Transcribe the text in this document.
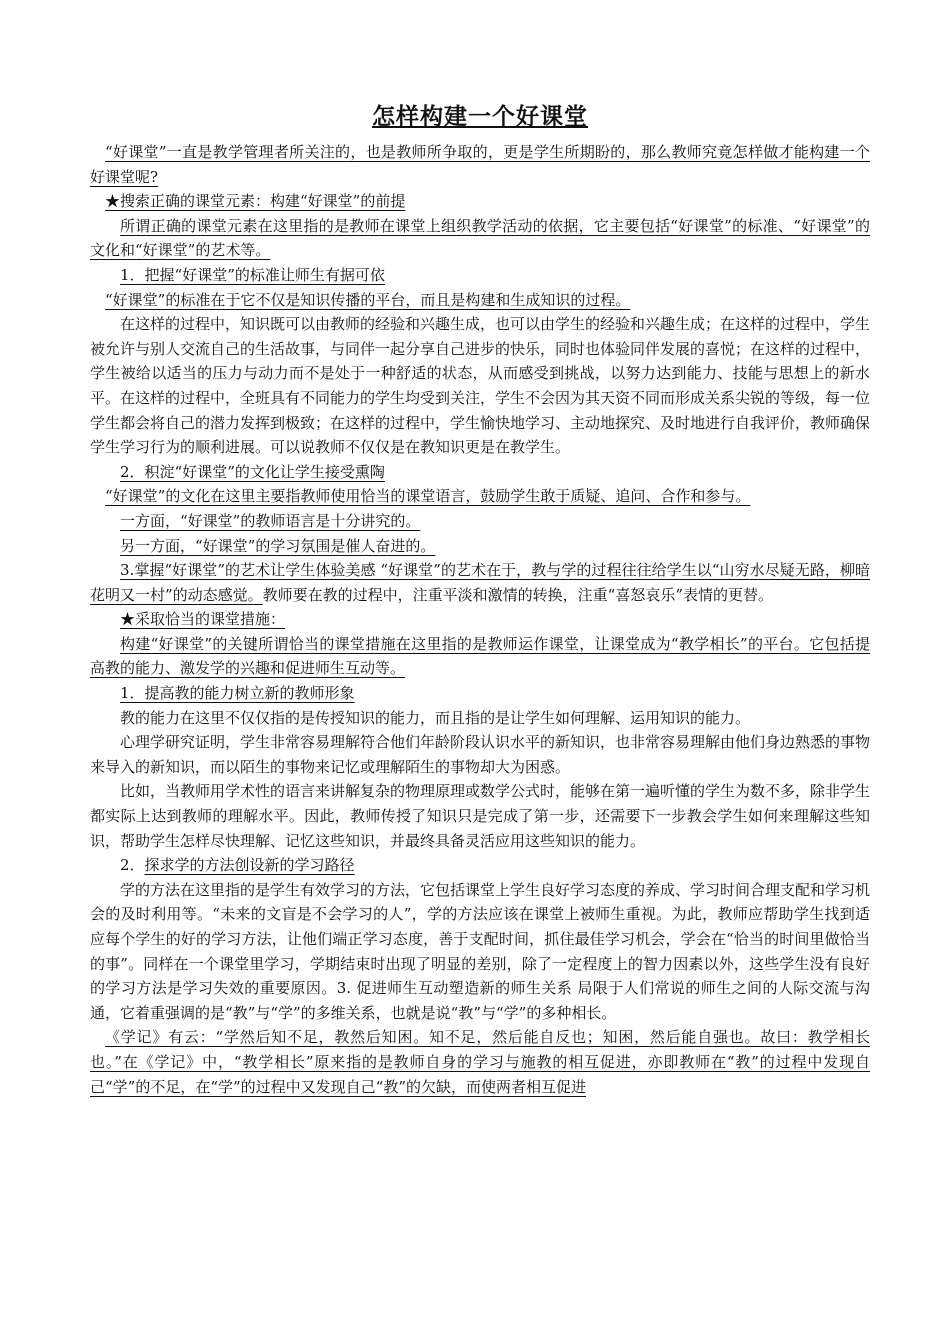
怎样构建一个好课堂

“好课堂”一直是教学管理者所关注的，也是教师所争取的，更是学生所期盼的，那么教师究竟怎样做才能构建一个好课堂呢?

★搜索正确的课堂元素：构建“好课堂”的前提

所谓正确的课堂元素在这里指的是教师在课堂上组织教学活动的依据，它主要包括“好课堂”的标准、“好课堂”的文化和“好课堂”的艺术等。

1．把握“好课堂”的标准让师生有据可依

“好课堂”的标准在于它不仅是知识传播的平台，而且是构建和生成知识的过程。

在这样的过程中，知识既可以由教师的经验和兴趣生成，也可以由学生的经验和兴趣生成；在这样的过程中，学生被允许与别人交流自己的生活故事，与同伴一起分享自己进步的快乐，同时也体验同伴发展的喜悦；在这样的过程中，学生被给以适当的压力与动力而不是处于一种舒适的状态，从而感受到挑战，以努力达到能力、技能与思想上的新水平。在这样的过程中，全班具有不同能力的学生均受到关注，学生不会因为其天资不同而形成关系尖锐的等级，每一位学生都会将自己的潜力发挥到极致；在这样的过程中，学生愉快地学习、主动地探究、及时地进行自我评价，教师确保学生学习行为的顺利进展。可以说教师不仅仅是在教知识更是在教学生。

2．积淀“好课堂”的文化让学生接受熏陶

“好课堂”的文化在这里主要指教师使用恰当的课堂语言，鼓励学生敢于质疑、追问、合作和参与。

一方面，“好课堂”的教师语言是十分讲究的。

另一方面，“好课堂”的学习氛围是催人奋进的。

3.掌握“好课堂”的艺术让学生体验美感 “好课堂”的艺术在于，教与学的过程往往给学生以“山穷水尽疑无路，柳暗花明又一村”的动态感觉。教师要在教的过程中，注重平淡和激情的转换，注重“喜怒哀乐”表情的更替。

★采取恰当的课堂措施：

构建“好课堂”的关键所谓恰当的课堂措施在这里指的是教师运作课堂，让课堂成为“教学相长”的平台。它包括提高教的能力、激发学的兴趣和促进师生互动等。

1．提高教的能力树立新的教师形象

教的能力在这里不仅仅指的是传授知识的能力，而且指的是让学生如何理解、运用知识的能力。

心理学研究证明，学生非常容易理解符合他们年龄阶段认识水平的新知识，也非常容易理解由他们身边熟悉的事物来导入的新知识，而以陌生的事物来记忆或理解陌生的事物却大为困惑。

比如，当教师用学术性的语言来讲解复杂的物理原理或数学公式时，能够在第一遍听懂的学生为数不多，除非学生都实际上达到教师的理解水平。因此，教师传授了知识只是完成了第一步，还需要下一步教会学生如何来理解这些知识，帮助学生怎样尽快理解、记忆这些知识，并最终具备灵活应用这些知识的能力。

2．探求学的方法创设新的学习路径

学的方法在这里指的是学生有效学习的方法，它包括课堂上学生良好学习态度的养成、学习时间合理支配和学习机会的及时利用等。“未来的文盲是不会学习的人”，学的方法应该在课堂上被师生重视。为此，教师应帮助学生找到适应每个学生的好的学习方法，让他们端正学习态度，善于支配时间，抓住最佳学习机会，学会在“恰当的时间里做恰当的事”。同样在一个课堂里学习，学期结束时出现了明显的差别，除了一定程度上的智力因素以外，这些学生没有良好的学习方法是学习失效的重要原因。3. 促进师生互动塑造新的师生关系 局限于人们常说的师生之间的人际交流与沟通，它着重强调的是“教”与“学”的多维关系，也就是说“教”与“学”的多种相长。

《学记》有云：“学然后知不足，教然后知困。知不足，然后能自反也；知困，然后能自强也。故曰：教学相长也。”在《学记》中，“教学相长”原来指的是教师自身的学习与施教的相互促进，亦即教师在“教”的过程中发现自己“学”的不足，在“学”的过程中又发现自己“教”的欠缺，而使两者相互促进
